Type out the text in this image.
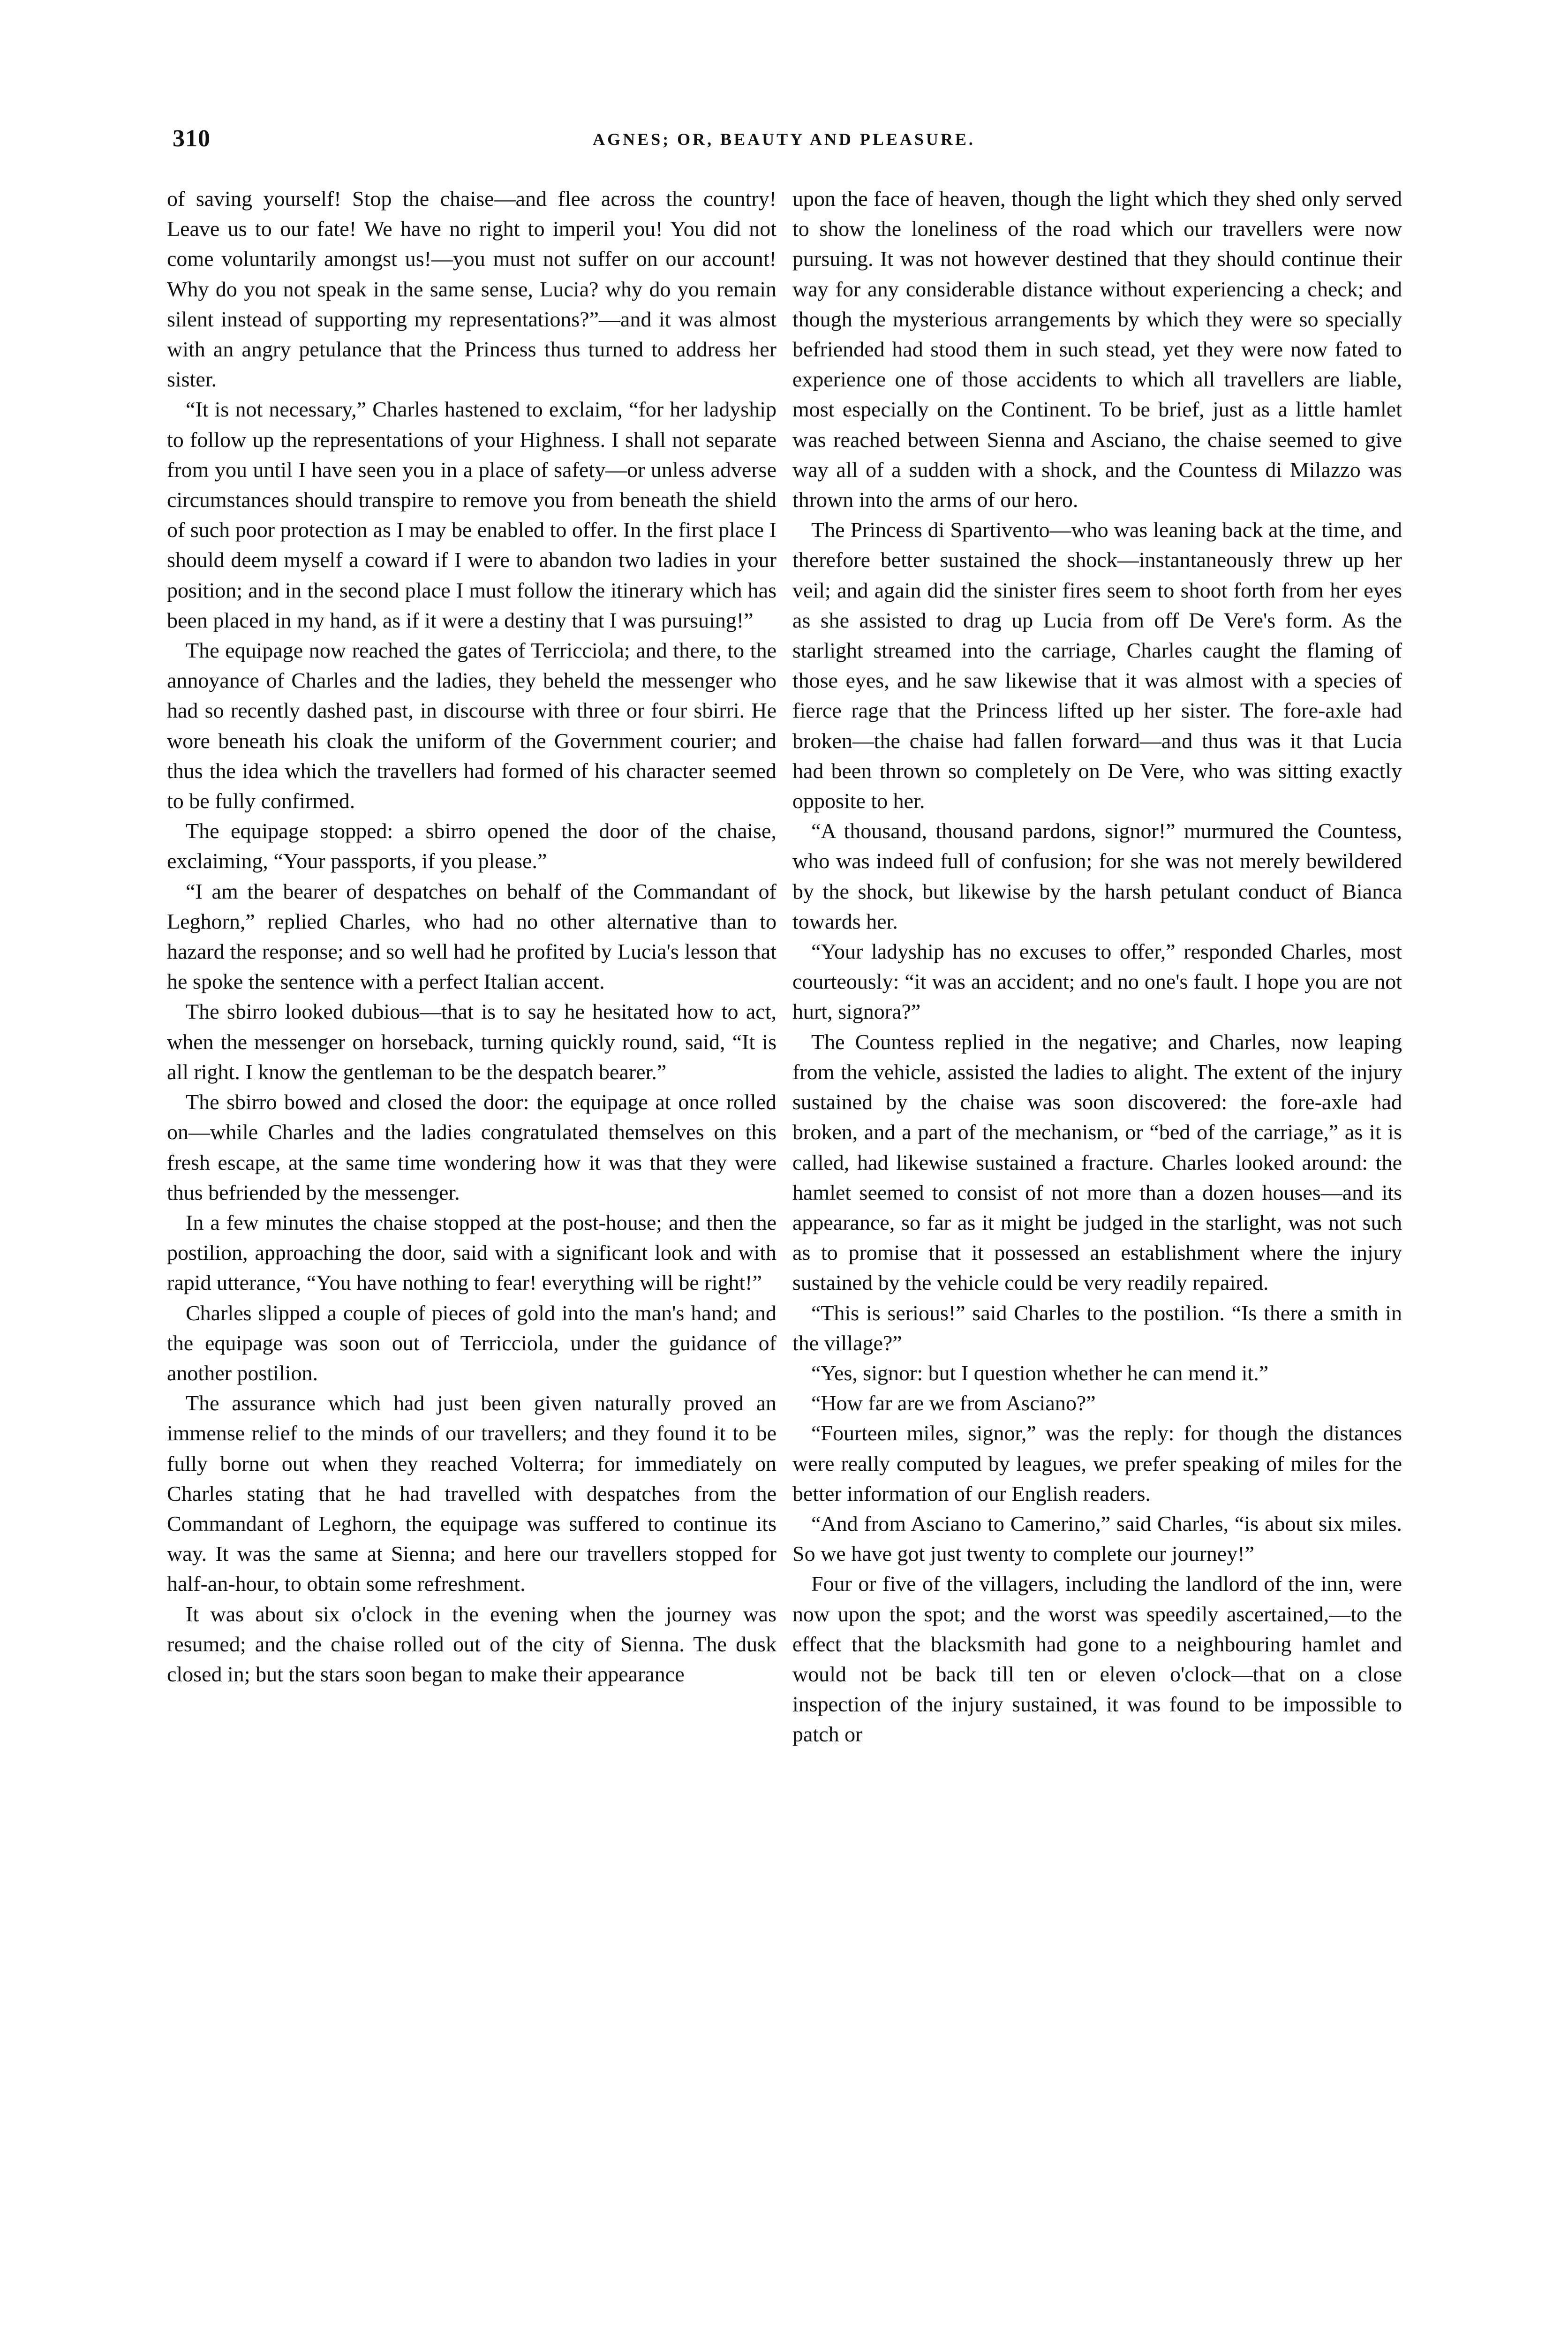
310	AGNES; OR, BEAUTY AND PLEASURE.

of saving yourself! Stop the chaise—and flee across the country! Leave us to our fate! We have no right to imperil you! You did not come voluntarily amongst us!—you must not suffer on our account! Why do you not speak in the same sense, Lucia? why do you remain silent instead of supporting my representations?”—and it was almost with an angry petulance that the Princess thus turned to address her sister.

“It is not necessary,” Charles hastened to exclaim, “for her ladyship to follow up the representations of your Highness. I shall not separate from you until I have seen you in a place of safety—or unless adverse circumstances should transpire to remove you from beneath the shield of such poor protection as I may be enabled to offer. In the first place I should deem myself a coward if I were to abandon two ladies in your position; and in the second place I must follow the itinerary which has been placed in my hand, as if it were a destiny that I was pursuing!”

The equipage now reached the gates of Terricciola; and there, to the annoyance of Charles and the ladies, they beheld the messenger who had so recently dashed past, in discourse with three or four sbirri. He wore beneath his cloak the uniform of the Government courier; and thus the idea which the travellers had formed of his character seemed to be fully confirmed.

The equipage stopped: a sbirro opened the door of the chaise, exclaiming, “Your passports, if you please.”

“I am the bearer of despatches on behalf of the Commandant of Leghorn,” replied Charles, who had no other alternative than to hazard the response; and so well had he profited by Lucia's lesson that he spoke the sentence with a perfect Italian accent.

The sbirro looked dubious—that is to say he hesitated how to act, when the messenger on horseback, turning quickly round, said, “It is all right. I know the gentleman to be the despatch bearer.”

The sbirro bowed and closed the door: the equipage at once rolled on—while Charles and the ladies congratulated themselves on this fresh escape, at the same time wondering how it was that they were thus befriended by the messenger.

In a few minutes the chaise stopped at the post-house; and then the postilion, approaching the door, said with a significant look and with rapid utterance, “You have nothing to fear! everything will be right!”

Charles slipped a couple of pieces of gold into the man's hand; and the equipage was soon out of Terricciola, under the guidance of another postilion.

The assurance which had just been given naturally proved an immense relief to the minds of our travellers; and they found it to be fully borne out when they reached Volterra; for immediately on Charles stating that he had travelled with despatches from the Commandant of Leghorn, the equipage was suffered to continue its way. It was the same at Sienna; and here our travellers stopped for half-an-hour, to obtain some refreshment.

It was about six o'clock in the evening when the journey was resumed; and the chaise rolled out of the city of Sienna. The dusk closed in; but the stars soon began to make their appearance

upon the face of heaven, though the light which they shed only served to show the loneliness of the road which our travellers were now pursuing. It was not however destined that they should continue their way for any considerable distance without experiencing a check; and though the mysterious arrangements by which they were so specially befriended had stood them in such stead, yet they were now fated to experience one of those accidents to which all travellers are liable, most especially on the Continent. To be brief, just as a little hamlet was reached between Sienna and Asciano, the chaise seemed to give way all of a sudden with a shock, and the Countess di Milazzo was thrown into the arms of our hero.

The Princess di Spartivento—who was leaning back at the time, and therefore better sustained the shock—instantaneously threw up her veil; and again did the sinister fires seem to shoot forth from her eyes as she assisted to drag up Lucia from off De Vere's form. As the starlight streamed into the carriage, Charles caught the flaming of those eyes, and he saw likewise that it was almost with a species of fierce rage that the Princess lifted up her sister. The fore-axle had broken—the chaise had fallen forward—and thus was it that Lucia had been thrown so completely on De Vere, who was sitting exactly opposite to her.

“A thousand, thousand pardons, signor!” murmured the Countess, who was indeed full of confusion; for she was not merely bewildered by the shock, but likewise by the harsh petulant conduct of Bianca towards her.

“Your ladyship has no excuses to offer,” responded Charles, most courteously: “it was an accident; and no one's fault. I hope you are not hurt, signora?”

The Countess replied in the negative; and Charles, now leaping from the vehicle, assisted the ladies to alight. The extent of the injury sustained by the chaise was soon discovered: the fore-axle had broken, and a part of the mechanism, or “bed of the carriage,” as it is called, had likewise sustained a fracture. Charles looked around: the hamlet seemed to consist of not more than a dozen houses—and its appearance, so far as it might be judged in the starlight, was not such as to promise that it possessed an establishment where the injury sustained by the vehicle could be very readily repaired.

“This is serious!” said Charles to the postilion. “Is there a smith in the village?”

“Yes, signor: but I question whether he can mend it.”

“How far are we from Asciano?”

“Fourteen miles, signor,” was the reply: for though the distances were really computed by leagues, we prefer speaking of miles for the better information of our English readers.

“And from Asciano to Camerino,” said Charles, “is about six miles. So we have got just twenty to complete our journey!”

Four or five of the villagers, including the landlord of the inn, were now upon the spot; and the worst was speedily ascertained,—to the effect that the blacksmith had gone to a neighbouring hamlet and would not be back till ten or eleven o'clock—that on a close inspection of the injury sustained, it was found to be impossible to patch or
